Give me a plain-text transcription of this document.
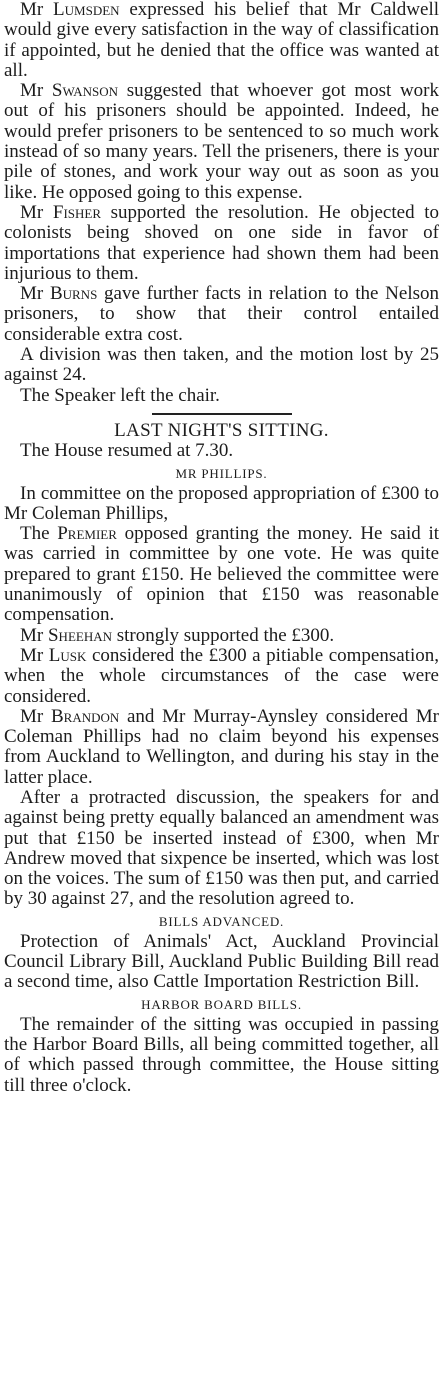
Mr Lumsden expressed his belief that Mr Caldwell would give every satisfaction in the way of classification if appointed, but he denied that the office was wanted at all.

Mr Swanson suggested that whoever got most work out of his prisoners should be appointed. Indeed, he would prefer prisoners to be sentenced to so much work instead of so many years. Tell the priseners, there is your pile of stones, and work your way out as soon as you like. He opposed going to this expense.

Mr Fisher supported the resolution. He objected to colonists being shoved on one side in favor of importations that experience had shown them had been injurious to them.

Mr Burns gave further facts in relation to the Nelson prisoners, to show that their control entailed considerable extra cost.

A division was then taken, and the motion lost by 25 against 24.

The Speaker left the chair.

LAST NIGHT'S SITTING.

The House resumed at 7.30.

MR PHILLIPS.

In committee on the proposed appropriation of £300 to Mr Coleman Phillips,

The Premier opposed granting the money. He said it was carried in committee by one vote. He was quite prepared to grant £150. He believed the committee were unanimously of opinion that £150 was reasonable compensation.

Mr Sheehan strongly supported the £300.

Mr Lusk considered the £300 a pitiable compensation, when the whole circumstances of the case were considered.

Mr Brandon and Mr Murray-Aynsley considered Mr Coleman Phillips had no claim beyond his expenses from Auckland to Wellington, and during his stay in the latter place.

After a protracted discussion, the speakers for and against being pretty equally balanced an amendment was put that £150 be inserted instead of £300, when Mr Andrew moved that sixpence be inserted, which was lost on the voices. The sum of £150 was then put, and carried by 30 against 27, and the resolution agreed to.

BILLS ADVANCED.

Protection of Animals' Act, Auckland Provincial Council Library Bill, Auckland Public Building Bill read a second time, also Cattle Importation Restriction Bill.

HARBOR BOARD BILLS.

The remainder of the sitting was occupied in passing the Harbor Board Bills, all being committed together, all of which passed through committee, the House sitting till three o'clock.
